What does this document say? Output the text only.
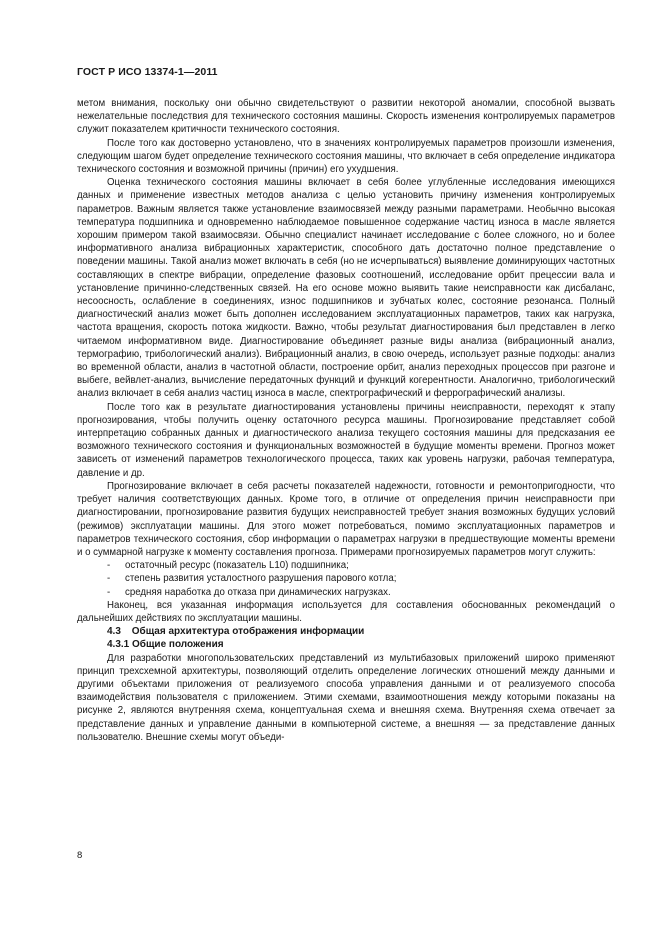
ГОСТ Р ИСО 13374-1—2011

метом внимания, поскольку они обычно свидетельствуют о развитии некоторой аномалии, способной вызвать нежелательные последствия для технического состояния машины. Скорость изменения контролируемых параметров служит показателем критичности технического состояния.

После того как достоверно установлено, что в значениях контролируемых параметров произошли изменения, следующим шагом будет определение технического состояния машины, что включает в себя определение индикатора технического состояния и возможной причины (причин) его ухудшения.

Оценка технического состояния машины включает в себя более углубленные исследования имеющихся данных и применение известных методов анализа с целью установить причину изменения контролируемых параметров. Важным является также установление взаимосвязей между разными параметрами. Необычно высокая температура подшипника и одновременно наблюдаемое повышенное содержание частиц износа в масле является хорошим примером такой взаимосвязи. Обычно специалист начинает исследование с более сложного, но и более информативного анализа вибрационных характеристик, способного дать достаточно полное представление о поведении машины. Такой анализ может включать в себя (но не исчерпываться) выявление доминирующих частотных составляющих в спектре вибрации, определение фазовых соотношений, исследование орбит прецессии вала и установление причинно-следственных связей. На его основе можно выявить такие неисправности как дисбаланс, несоосность, ослабление в соединениях, износ подшипников и зубчатых колес, состояние резонанса. Полный диагностический анализ может быть дополнен исследованием эксплуатационных параметров, таких как нагрузка, частота вращения, скорость потока жидкости. Важно, чтобы результат диагностирования был представлен в легко читаемом информативном виде. Диагностирование объединяет разные виды анализа (вибрационный анализ, термографию, трибологический анализ). Вибрационный анализ, в свою очередь, использует разные подходы: анализ во временной области, анализ в частотной области, построение орбит, анализ переходных процессов при разгоне и выбеге, вейвлет-анализ, вычисление передаточных функций и функций когерентности. Аналогично, трибологический анализ включает в себя анализ частиц износа в масле, спектрографический и феррографический анализы.

После того как в результате диагностирования установлены причины неисправности, переходят к этапу прогнозирования, чтобы получить оценку остаточного ресурса машины. Прогнозирование представляет собой интерпретацию собранных данных и диагностического анализа текущего состояния машины для предсказания ее возможного технического состояния и функциональных возможностей в будущие моменты времени. Прогноз может зависеть от изменений параметров технологического процесса, таких как уровень нагрузки, рабочая температура, давление и др.

Прогнозирование включает в себя расчеты показателей надежности, готовности и ремонтопригодности, что требует наличия соответствующих данных. Кроме того, в отличие от определения причин неисправности при диагностировании, прогнозирование развития будущих неисправностей требует знания возможных будущих условий (режимов) эксплуатации машины. Для этого может потребоваться, помимо эксплуатационных параметров и параметров технического состояния, сбор информации о параметрах нагрузки в предшествующие моменты времени и о суммарной нагрузке к моменту составления прогноза. Примерами прогнозируемых параметров могут служить:

- остаточный ресурс (показатель L10) подшипника;

- степень развития усталостного разрушения парового котла;

- средняя наработка до отказа при динамических нагрузках.

Наконец, вся указанная информация используется для составления обоснованных рекомендаций о дальнейших действиях по эксплуатации машины.

4.3 Общая архитектура отображения информации

4.3.1 Общие положения

Для разработки многопользовательских представлений из мультибазовых приложений широко применяют принцип трехсхемной архитектуры, позволяющий отделить определение логических отношений между данными и другими объектами приложения от реализуемого способа управления данными и от реализуемого способа взаимодействия пользователя с приложением. Этими схемами, взаимоотношения между которыми показаны на рисунке 2, являются внутренняя схема, концептуальная схема и внешняя схема. Внутренняя схема отвечает за представление данных и управление данными в компьютерной системе, а внешняя — за представление данных пользователю. Внешние схемы могут объеди-

8
